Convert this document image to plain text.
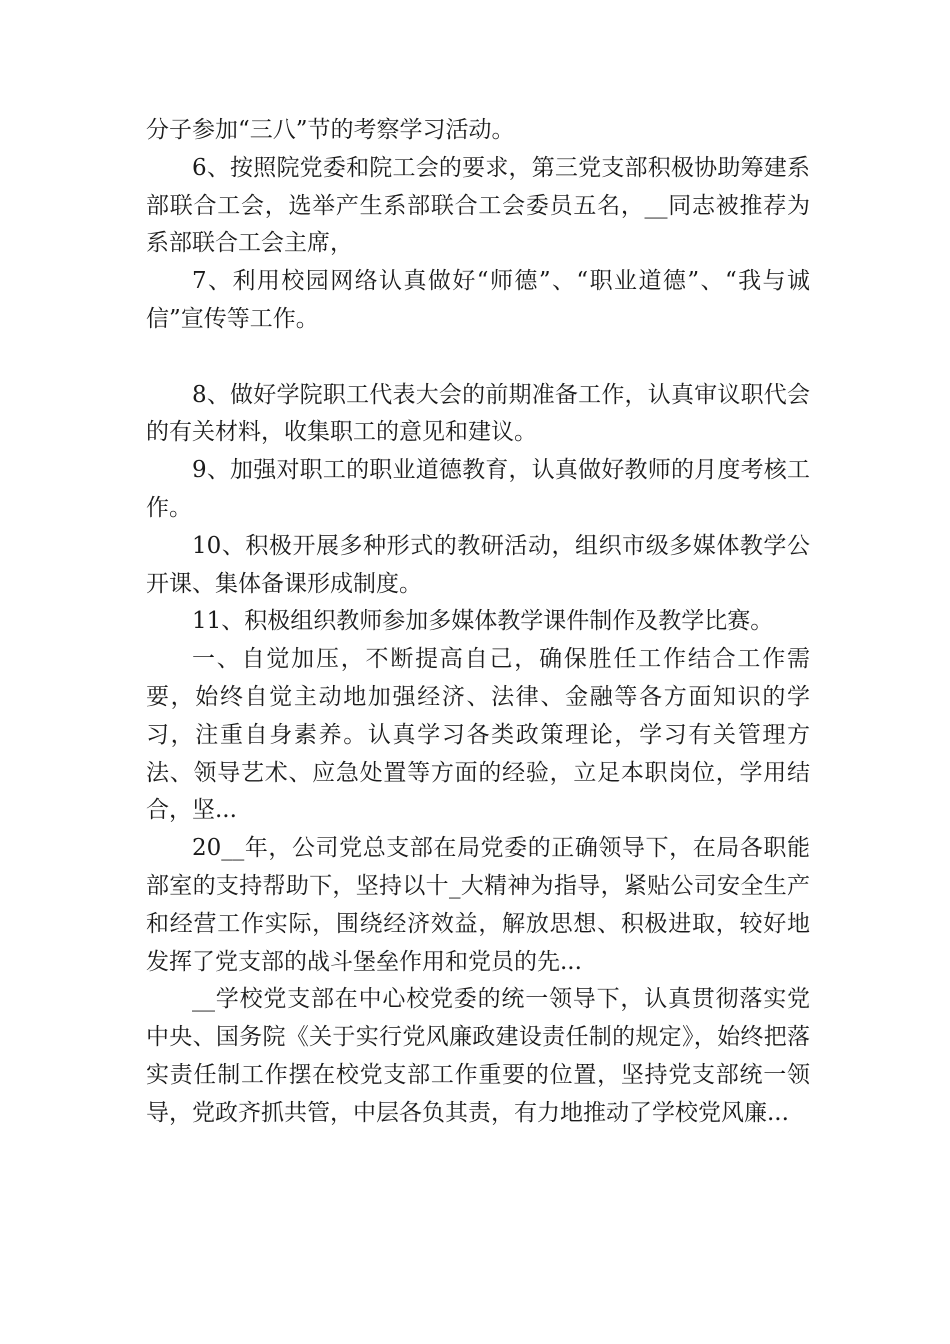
分子参加“三八”节的考察学习活动。

6、按照院党委和院工会的要求，第三党支部积极协助筹建系部联合工会，选举产生系部联合工会委员五名，__同志被推荐为系部联合工会主席，

7、利用校园网络认真做好“师德”、“职业道德”、“我与诚信”宣传等工作。

8、做好学院职工代表大会的前期准备工作，认真审议职代会的有关材料，收集职工的意见和建议。

9、加强对职工的职业道德教育，认真做好教师的月度考核工作。

10、积极开展多种形式的教研活动，组织市级多媒体教学公开课、集体备课形成制度。

11、积极组织教师参加多媒体教学课件制作及教学比赛。

一、自觉加压，不断提高自己，确保胜任工作结合工作需要，始终自觉主动地加强经济、法律、金融等各方面知识的学习，注重自身素养。认真学习各类政策理论，学习有关管理方法、领导艺术、应急处置等方面的经验，立足本职岗位，学用结合，坚...

20__年，公司党总支部在局党委的正确领导下，在局各职能部室的支持帮助下，坚持以十_大精神为指导，紧贴公司安全生产和经营工作实际，围绕经济效益，解放思想、积极进取，较好地发挥了党支部的战斗堡垒作用和党员的先...

__学校党支部在中心校党委的统一领导下，认真贯彻落实党中央、国务院《关于实行党风廉政建设责任制的规定》，始终把落实责任制工作摆在校党支部工作重要的位置，坚持党支部统一领导，党政齐抓共管，中层各负其责，有力地推动了学校党风廉...
